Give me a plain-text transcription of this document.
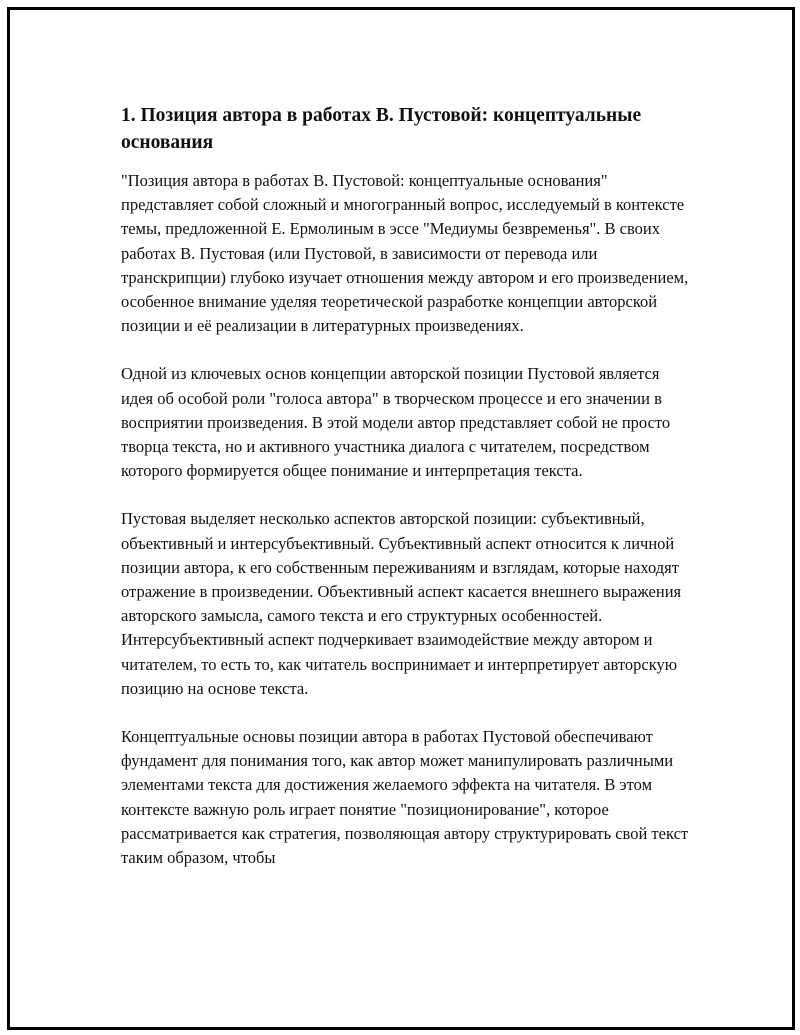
1. Позиция автора в работах В. Пустовой: концептуальные основания

"Позиция автора в работах В. Пустовой: концептуальные основания" представляет собой сложный и многогранный вопрос, исследуемый в контексте темы, предложенной Е. Ермолиным в эссе "Медиумы безвременья". В своих работах В. Пустовая (или Пустовой, в зависимости от перевода или транскрипции) глубоко изучает отношения между автором и его произведением, особенное внимание уделяя теоретической разработке концепции авторской позиции и её реализации в литературных произведениях.

Одной из ключевых основ концепции авторской позиции Пустовой является идея об особой роли "голоса автора" в творческом процессе и его значении в восприятии произведения. В этой модели автор представляет собой не просто творца текста, но и активного участника диалога с читателем, посредством которого формируется общее понимание и интерпретация текста.

Пустовая выделяет несколько аспектов авторской позиции: субъективный, объективный и интерсубъективный. Субъективный аспект относится к личной позиции автора, к его собственным переживаниям и взглядам, которые находят отражение в произведении. Объективный аспект касается внешнего выражения авторского замысла, самого текста и его структурных особенностей. Интерсубъективный аспект подчеркивает взаимодействие между автором и читателем, то есть то, как читатель воспринимает и интерпретирует авторскую позицию на основе текста.

Концептуальные основы позиции автора в работах Пустовой обеспечивают фундамент для понимания того, как автор может манипулировать различными элементами текста для достижения желаемого эффекта на читателя. В этом контексте важную роль играет понятие "позиционирование", которое рассматривается как стратегия, позволяющая автору структурировать свой текст таким образом, чтобы
